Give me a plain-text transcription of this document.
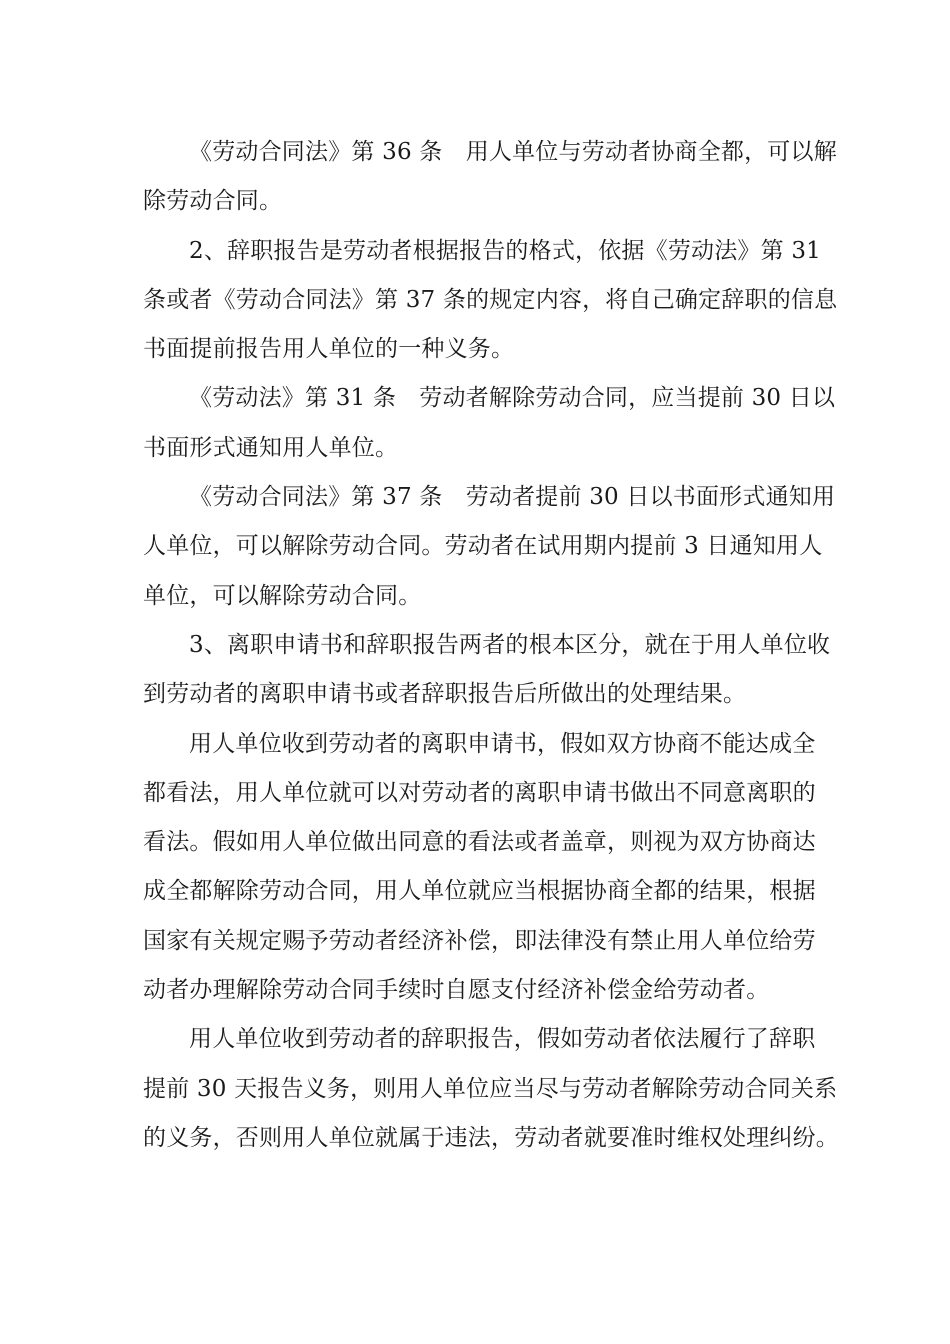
《劳动合同法》第 36 条　用人单位与劳动者协商全都，可以解
除劳动合同。

2、辞职报告是劳动者根据报告的格式，依据《劳动法》第 31
条或者《劳动合同法》第 37 条的规定内容，将自己确定辞职的信息
书面提前报告用人单位的一种义务。

《劳动法》第 31 条　劳动者解除劳动合同，应当提前 30 日以
书面形式通知用人单位。

《劳动合同法》第 37 条　劳动者提前 30 日以书面形式通知用
人单位，可以解除劳动合同。劳动者在试用期内提前 3 日通知用人
单位，可以解除劳动合同。

3、离职申请书和辞职报告两者的根本区分，就在于用人单位收
到劳动者的离职申请书或者辞职报告后所做出的处理结果。

用人单位收到劳动者的离职申请书，假如双方协商不能达成全
都看法，用人单位就可以对劳动者的离职申请书做出不同意离职的
看法。假如用人单位做出同意的看法或者盖章，则视为双方协商达
成全都解除劳动合同，用人单位就应当根据协商全都的结果，根据
国家有关规定赐予劳动者经济补偿，即法律没有禁止用人单位给劳
动者办理解除劳动合同手续时自愿支付经济补偿金给劳动者。

用人单位收到劳动者的辞职报告，假如劳动者依法履行了辞职
提前 30 天报告义务，则用人单位应当尽与劳动者解除劳动合同关系
的义务，否则用人单位就属于违法，劳动者就要准时维权处理纠纷。
